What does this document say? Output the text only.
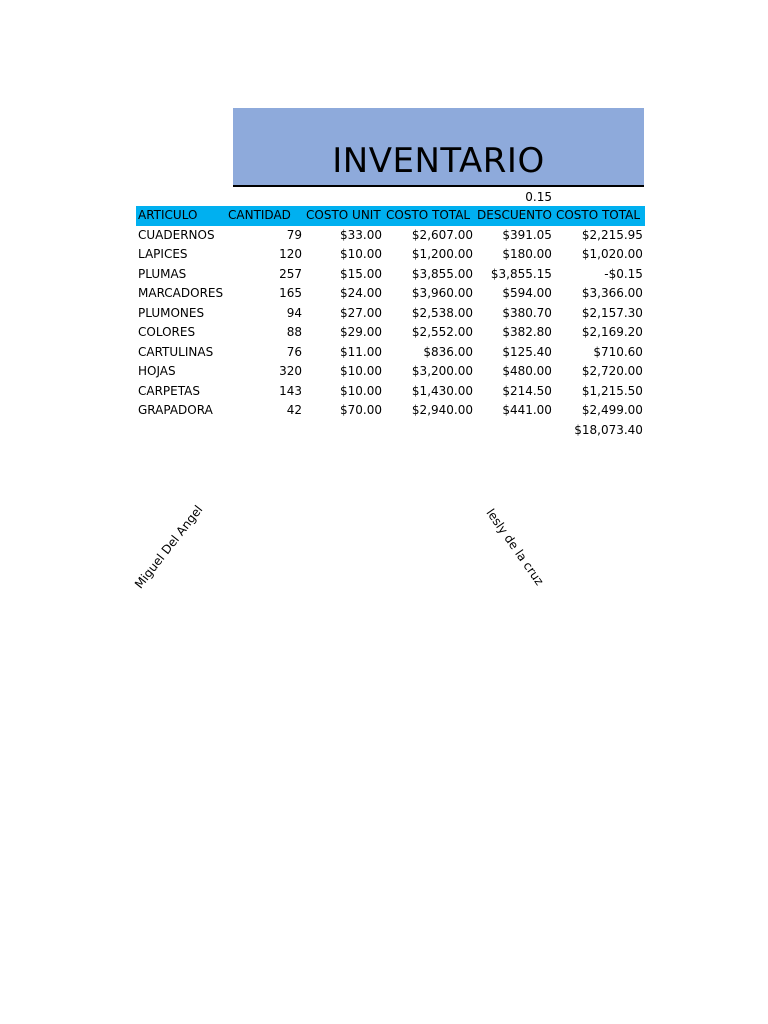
INVENTARIO
0.15
ARTICULO	CANTIDAD	COSTO UNIT	COSTO TOTAL	DESCUENTO	COSTO TOTAL
CUADERNOS	79	$33.00	$2,607.00	$391.05	$2,215.95
LAPICES	120	$10.00	$1,200.00	$180.00	$1,020.00
PLUMAS	257	$15.00	$3,855.00	$3,855.15	-$0.15
MARCADORES	165	$24.00	$3,960.00	$594.00	$3,366.00
PLUMONES	94	$27.00	$2,538.00	$380.70	$2,157.30
COLORES	88	$29.00	$2,552.00	$382.80	$2,169.20
CARTULINAS	76	$11.00	$836.00	$125.40	$710.60
HOJAS	320	$10.00	$3,200.00	$480.00	$2,720.00
CARPETAS	143	$10.00	$1,430.00	$214.50	$1,215.50
GRAPADORA	42	$70.00	$2,940.00	$441.00	$2,499.00
					$18,073.40
Miguel Del Angel	lesly de la cruz
